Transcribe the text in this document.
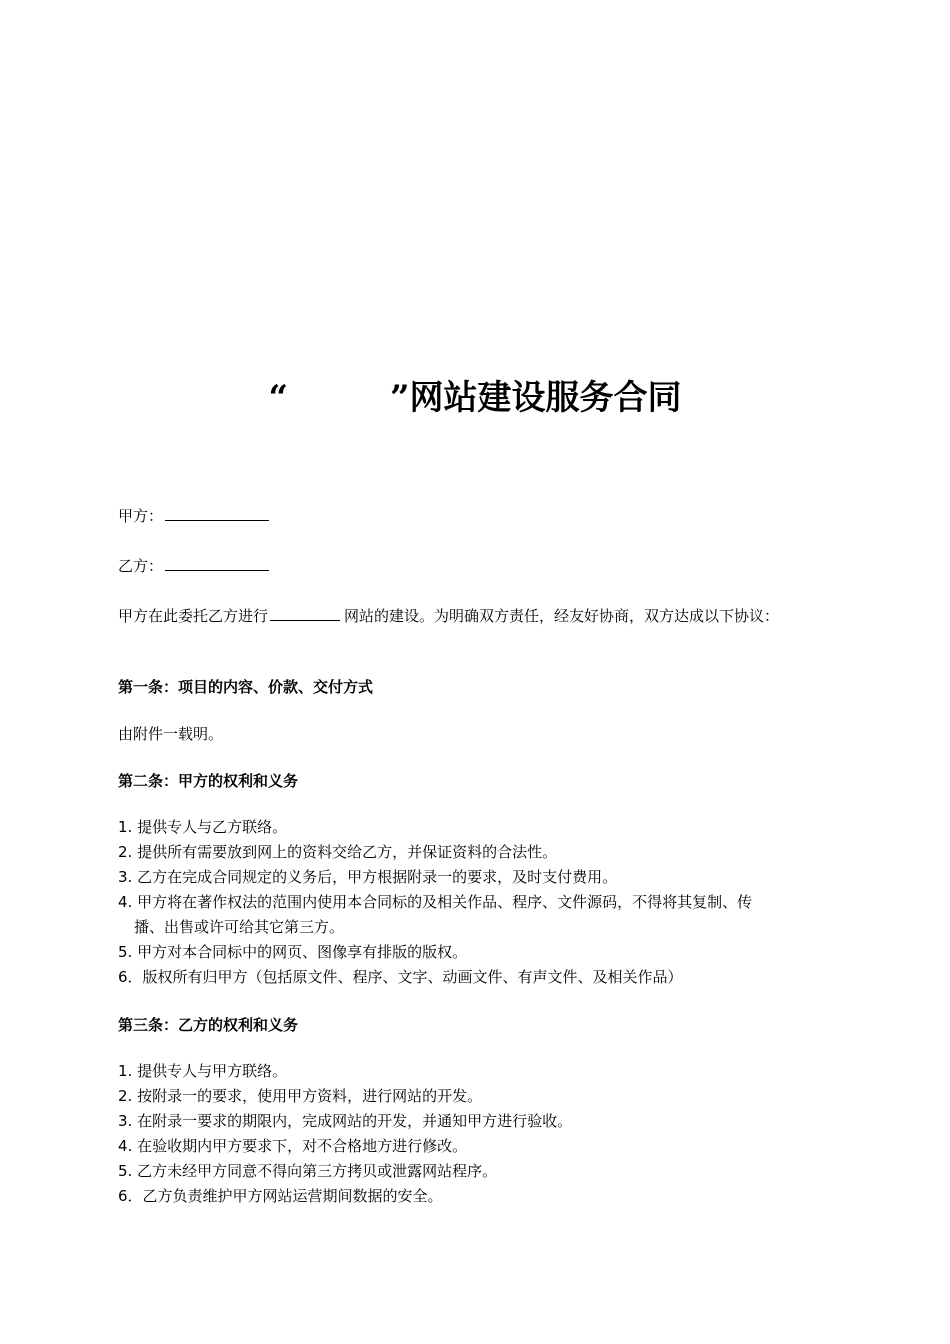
“　　　”网站建设服务合同
甲方：
乙方：
甲方在此委托乙方进行	网站的建设。为明确双方责任，经友好协商，双方达成以下协议：
第一条：项目的内容、价款、交付方式
由附件一载明。
第二条：甲方的权利和义务
1. 提供专人与乙方联络。
2. 提供所有需要放到网上的资料交给乙方，并保证资料的合法性。
3. 乙方在完成合同规定的义务后，甲方根据附录一的要求，及时支付费用。
4. 甲方将在著作权法的范围内使用本合同标的及相关作品、程序、文件源码，不得将其复制、传
播、出售或许可给其它第三方。
5. 甲方对本合同标中的网页、图像享有排版的版权。
6．版权所有归甲方（包括原文件、程序、文字、动画文件、有声文件、及相关作品）
第三条：乙方的权利和义务
1. 提供专人与甲方联络。
2. 按附录一的要求，使用甲方资料，进行网站的开发。
3. 在附录一要求的期限内，完成网站的开发，并通知甲方进行验收。
4. 在验收期内甲方要求下，对不合格地方进行修改。
5. 乙方未经甲方同意不得向第三方拷贝或泄露网站程序。
6．乙方负责维护甲方网站运营期间数据的安全。
